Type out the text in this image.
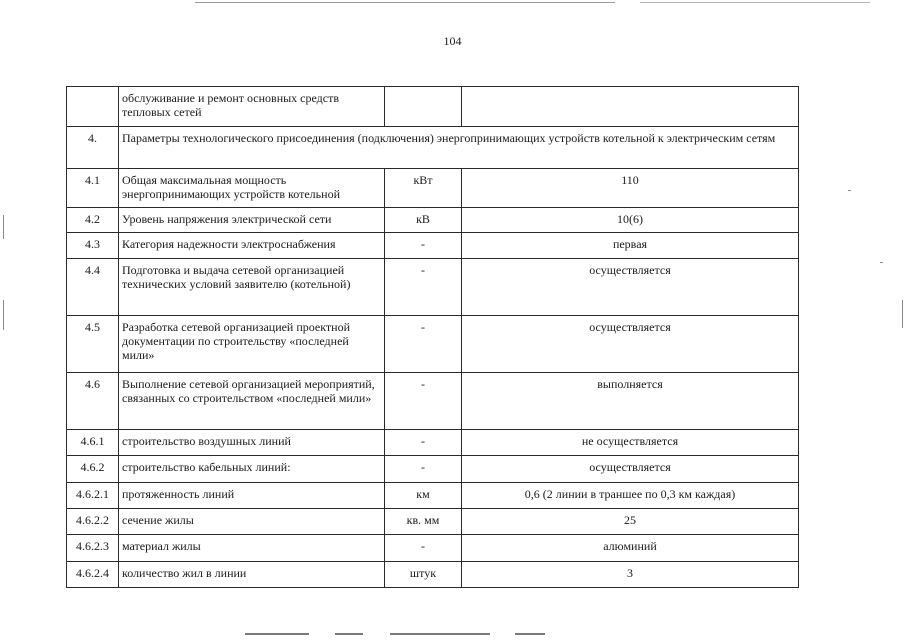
104
	обслуживание и ремонт основных средств тепловых сетей		
4.	Параметры технологического присоединения (подключения) энергопринимающих устройств котельной к электрическим сетям		
4.1	Общая максимальная мощность энергопринимающих устройств котельной	кВт	110
4.2	Уровень напряжения электрической сети	кВ	10(6)
4.3	Категория надежности электроснабжения	-	первая
4.4	Подготовка и выдача сетевой организацией технических условий заявителю (котельной)	-	осуществляется
4.5	Разработка сетевой организацией проектной документации по строительству «последней мили»	-	осуществляется
4.6	Выполнение сетевой организацией мероприятий, связанных со строительством «последней мили»	-	выполняется
4.6.1	строительство воздушных линий	-	не осуществляется
4.6.2	строительство кабельных линий:	-	осуществляется
4.6.2.1	протяженность линий	км	0,6 (2 линии в траншее по 0,3 км каждая)
4.6.2.2	сечение жилы	кв. мм	25
4.6.2.3	материал жилы	-	алюминий
4.6.2.4	количество жил в линии	штук	3
